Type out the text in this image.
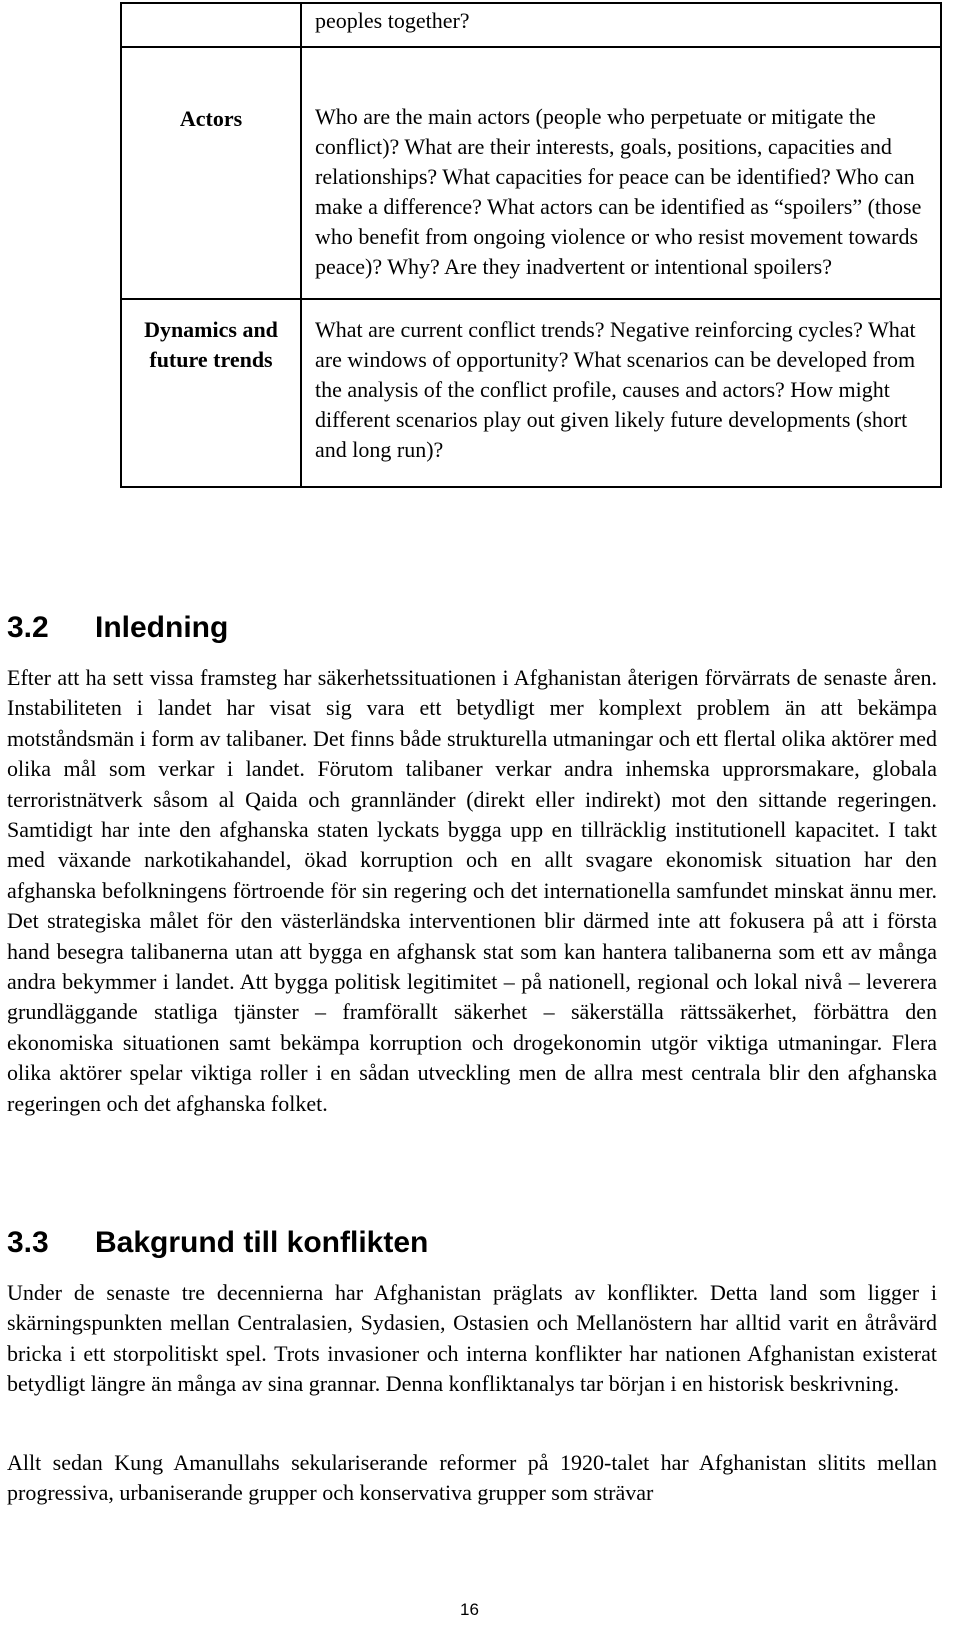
	peoples together?
Actors	Who are the main actors (people who perpetuate or mitigate the conflict)? What are their interests, goals, positions, capacities and relationships? What capacities for peace can be identified? Who can make a difference? What actors can be identified as “spoilers” (those who benefit from ongoing violence or who resist movement towards peace)? Why? Are they inadvertent or intentional spoilers?
Dynamics and future trends	What are current conflict trends? Negative reinforcing cycles? What are windows of opportunity? What scenarios can be developed from the analysis of the conflict profile, causes and actors? How might different scenarios play out given likely future developments (short and long run)?
3.2 Inledning

Efter att ha sett vissa framsteg har säkerhetssituationen i Afghanistan återigen förvärrats de senaste åren. Instabiliteten i landet har visat sig vara ett betydligt mer komplext problem än att bekämpa motståndsmän i form av talibaner. Det finns både strukturella utmaningar och ett flertal olika aktörer med olika mål som verkar i landet. Förutom talibaner verkar andra inhemska upprorsmakare, globala terroristnätverk såsom al Qaida och grannländer (direkt eller indirekt) mot den sittande regeringen. Samtidigt har inte den afghanska staten lyckats bygga upp en tillräcklig institutionell kapacitet. I takt med växande narkotikahandel, ökad korruption och en allt svagare ekonomisk situation har den afghanska befolkningens förtroende för sin regering och det internationella samfundet minskat ännu mer. Det strategiska målet för den västerländska interventionen blir därmed inte att fokusera på att i första hand besegra talibanerna utan att bygga en afghansk stat som kan hantera talibanerna som ett av många andra bekymmer i landet. Att bygga politisk legitimitet – på nationell, regional och lokal nivå – leverera grundläggande statliga tjänster – framförallt säkerhet – säkerställa rättssäkerhet, förbättra den ekonomiska situationen samt bekämpa korruption och drogekonomin utgör viktiga utmaningar. Flera olika aktörer spelar viktiga roller i en sådan utveckling men de allra mest centrala blir den afghanska regeringen och det afghanska folket.

3.3 Bakgrund till konflikten

Under de senaste tre decennierna har Afghanistan präglats av konflikter. Detta land som ligger i skärningspunkten mellan Centralasien, Sydasien, Ostasien och Mellanöstern har alltid varit en åtråvärd bricka i ett storpolitiskt spel. Trots invasioner och interna konflikter har nationen Afghanistan existerat betydligt längre än många av sina grannar. Denna konfliktanalys tar början i en historisk beskrivning.

Allt sedan Kung Amanullahs sekulariserande reformer på 1920-talet har Afghanistan slitits mellan progressiva, urbaniserande grupper och konservativa grupper som strävar

16
